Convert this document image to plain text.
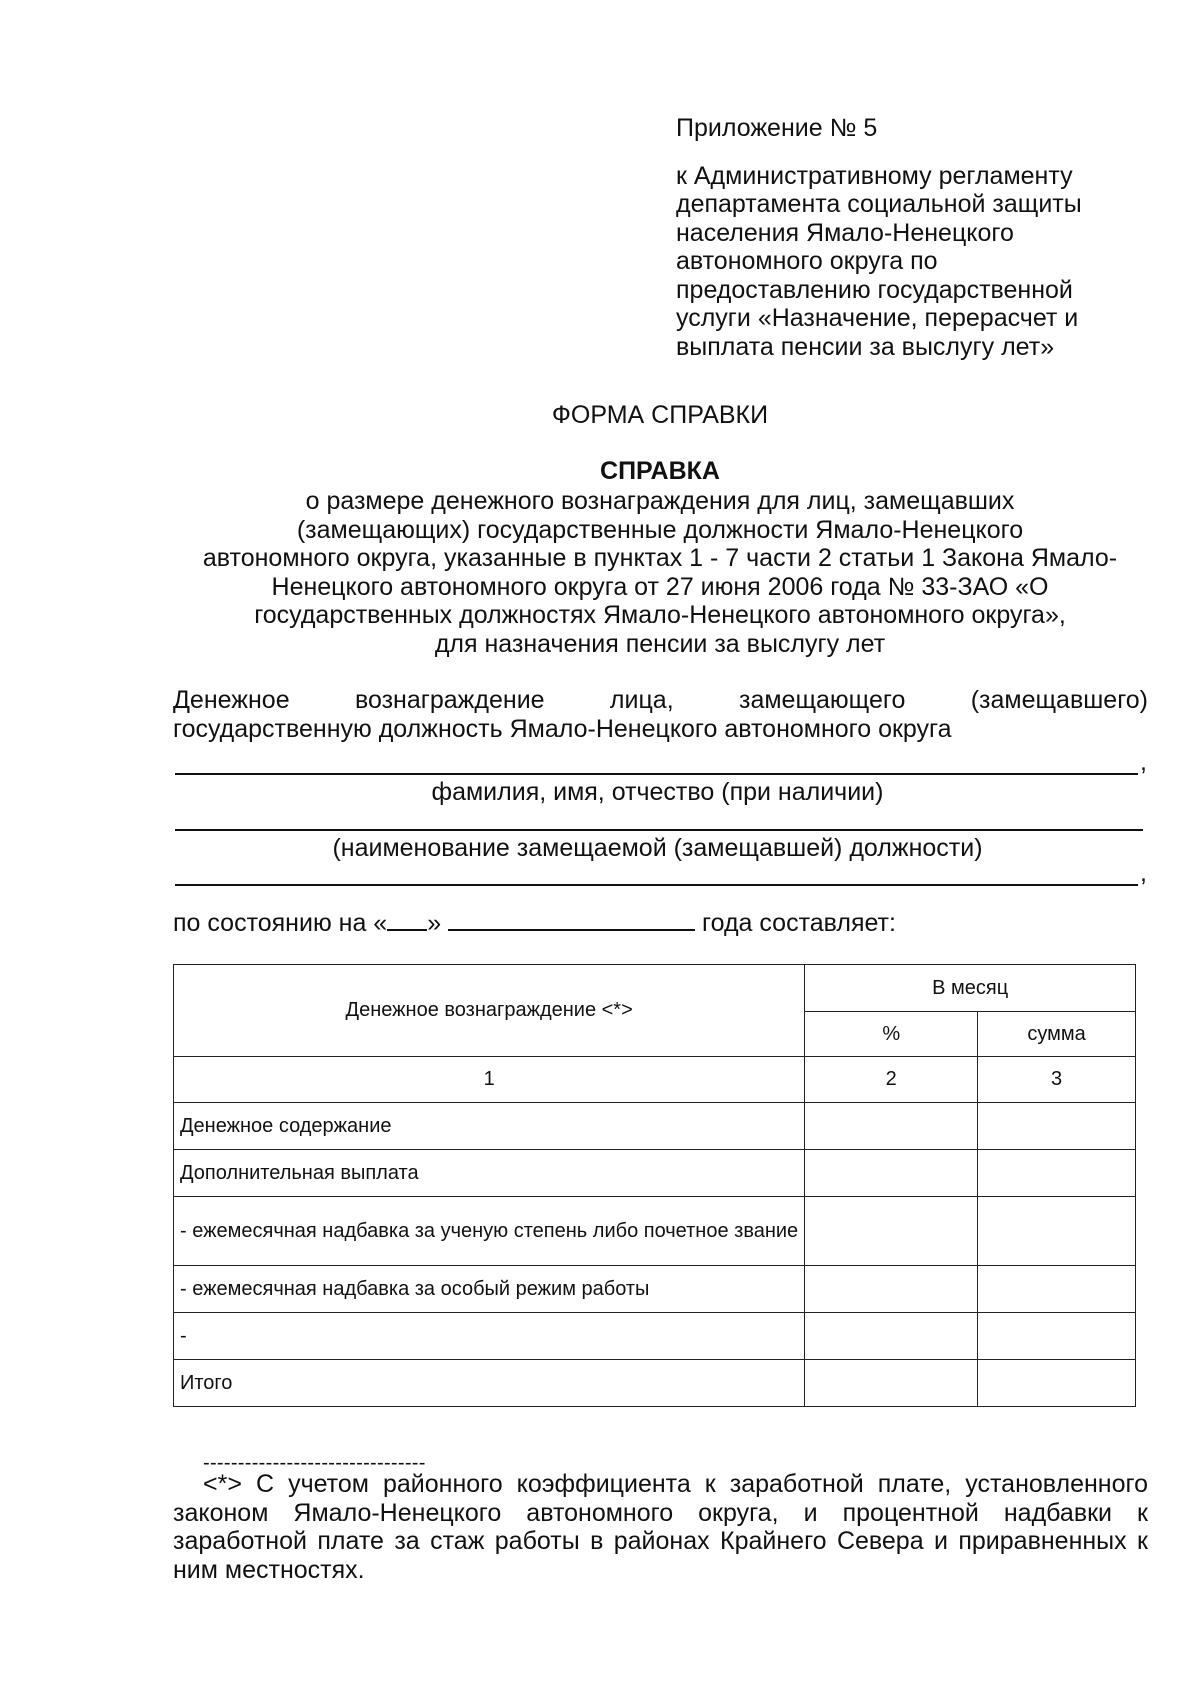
Приложение № 5
к Административному регламенту
департамента социальной защиты
населения Ямало-Ненецкого
автономного округа по
предоставлению государственной
услуги «Назначение, перерасчет и
выплата пенсии за выслугу лет»
ФОРМА СПРАВКИ
СПРАВКА
о размере денежного вознаграждения для лиц, замещавших
(замещающих) государственные должности Ямало-Ненецкого
автономного округа, указанные в пунктах 1 - 7 части 2 статьи 1 Закона Ямало-
Ненецкого автономного округа от 27 июня 2006 года № 33-ЗАО «О
государственных должностях Ямало-Ненецкого автономного округа»,
для назначения пенсии за выслугу лет
Денежное	вознаграждение	лица,	замещающего	(замещавшего)
государственную должность Ямало-Ненецкого автономного округа
,
фамилия, имя, отчество (при наличии)
(наименование замещаемой (замещавшей) должности)
,
по состоянию на « »	года составляет:
Денежное вознаграждение <*>	В месяц	
	%	сумма
1	2	3
Денежное содержание		
Дополнительная выплата		
- ежемесячная надбавка за ученую степень либо почетное звание		
- ежемесячная надбавка за особый режим работы		
-		
Итого		
--------------------------------
<*> С учетом районного коэффициента к заработной плате, установленного законом Ямало-Ненецкого автономного округа, и процентной надбавки к заработной плате за стаж работы в районах Крайнего Севера и приравненных к ним местностях.
